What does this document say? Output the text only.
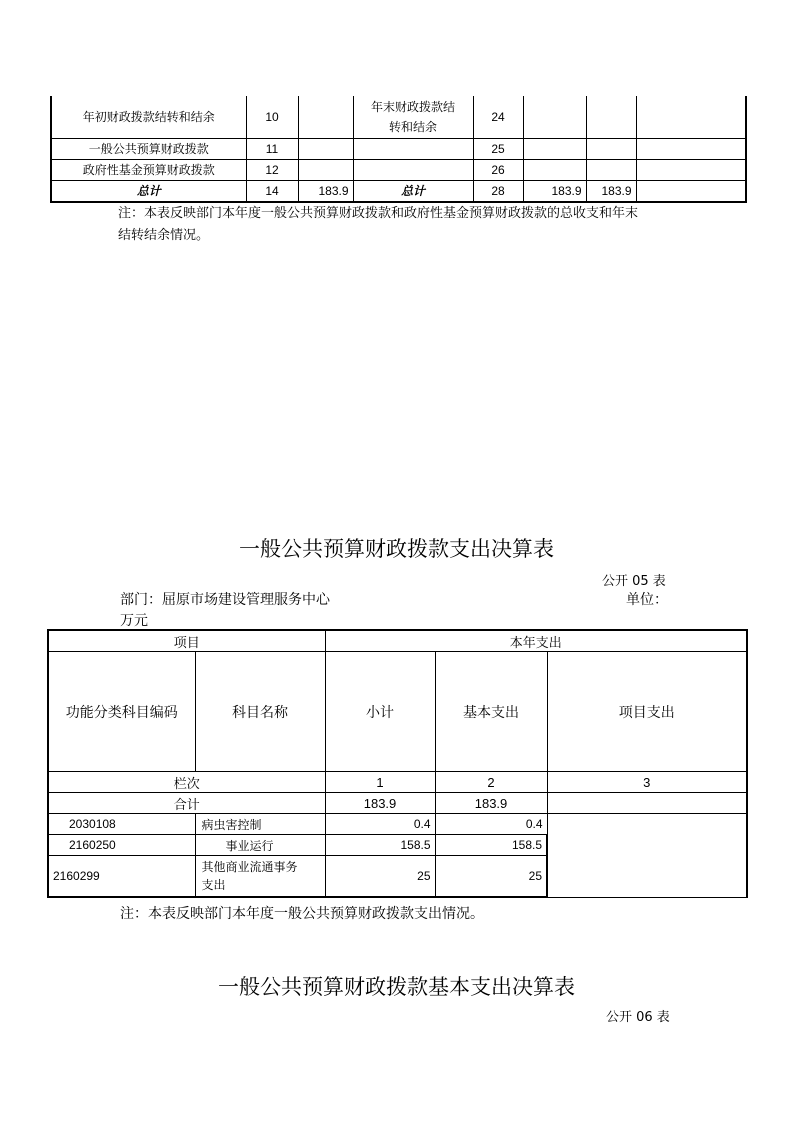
年初财政拨款结转和结余	10		年末财政拨款结
转和结余	24			
一般公共预算财政拨款	11			25			
政府性基金预算财政拨款	12			26			
总计	14	183.9	总计	28	183.9	183.9	
注：本表反映部门本年度一般公共预算财政拨款和政府性基金预算财政拨款的总收支和年末
结转结余情况。
一般公共预算财政拨款支出决算表
公开 05 表
部门：屈原市场建设管理服务中心	单位：
万元
项目		本年支出		
功能分类科目编码	科目名称	小计	基本支出	项目支出
栏次		1	2	3
合计		183.9	183.9	
2030108	病虫害控制	0.4	0.4	
2160250	事业运行	158.5	158.5	
2160299	其他商业流通事务
支出	25	25	
注：本表反映部门本年度一般公共预算财政拨款支出情况。
一般公共预算财政拨款基本支出决算表
公开 06 表
